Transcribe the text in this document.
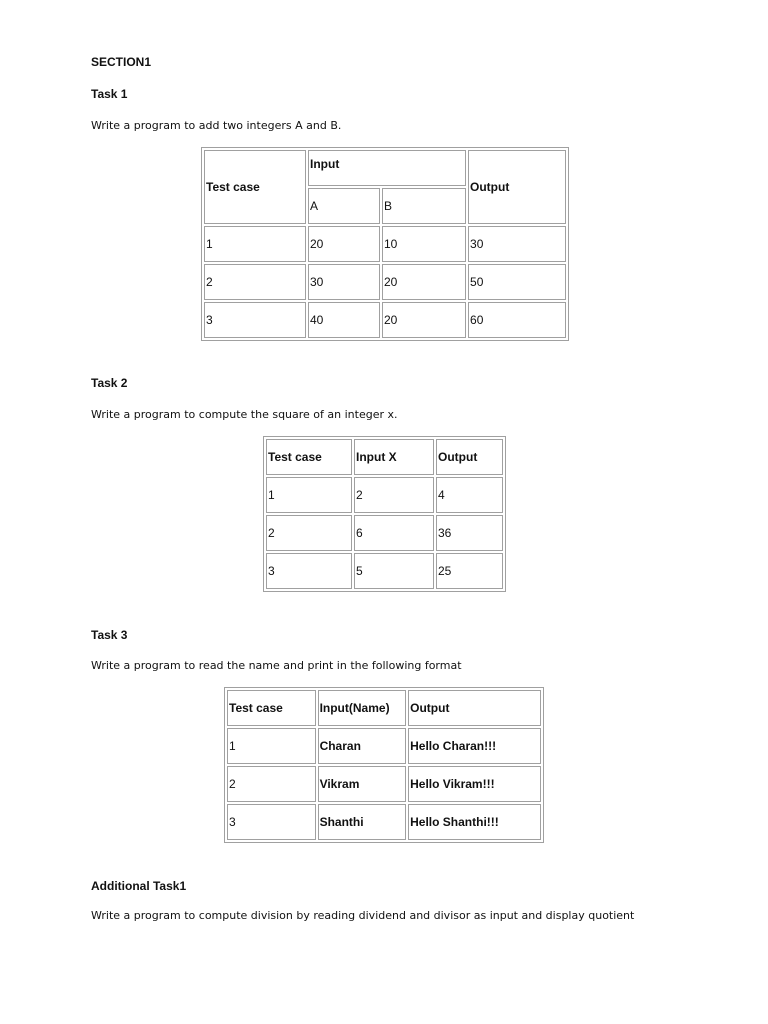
SECTION1
Task 1
Write a program to add two integers A and B.
Test case	Input		Output
	A	B	
1	20	10	30
2	30	20	50
3	40	20	60
Task 2
Write a program to compute the square of an integer x.
Test case	Input X	Output
1	2	4
2	6	36
3	5	25
Task 3
Write a program to read the name and print in the following format
Test case	Input(Name)	Output
1	Charan	Hello Charan!!!
2	Vikram	Hello Vikram!!!
3	Shanthi	Hello Shanthi!!!
Additional Task1
Write a program to compute division by reading dividend and divisor as input and display quotient
